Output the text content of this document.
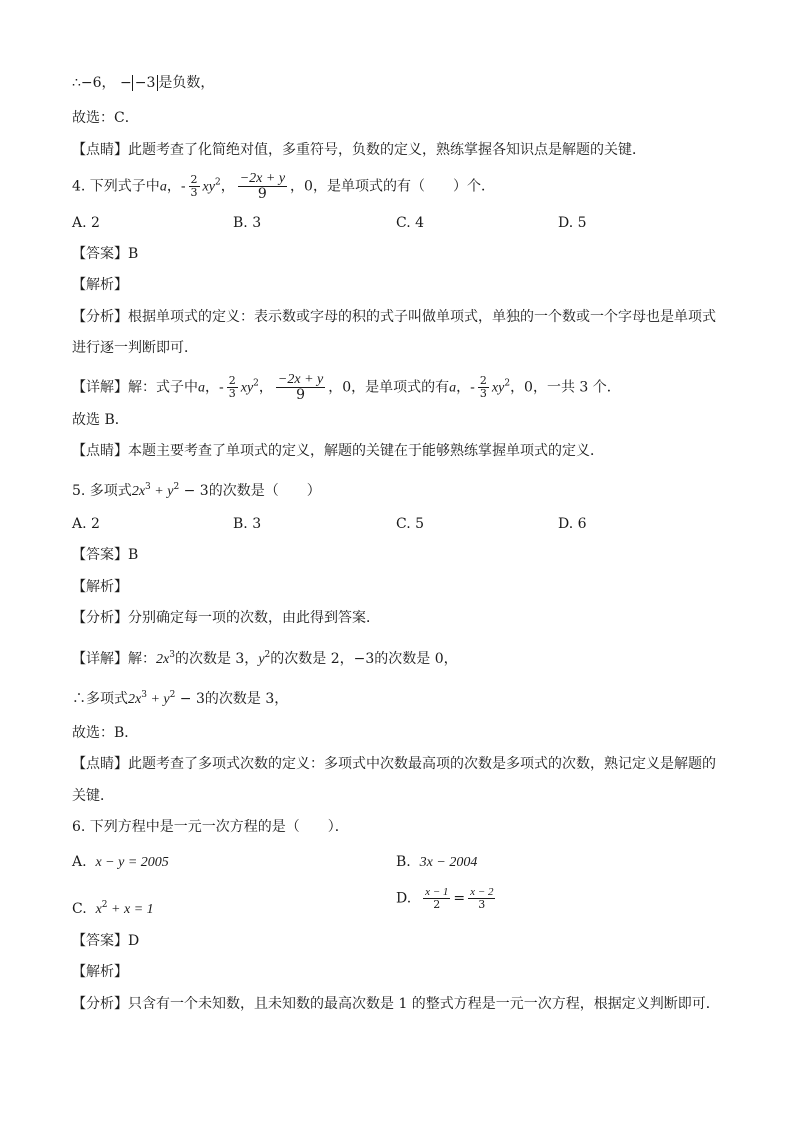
∴−6， − −3 是负数，
故选：C．
【点睛】此题考查了化简绝对值，多重符号，负数的定义，熟练掌握各知识点是解题的关键．
4. 下列式子中a，- $\frac{2}{3} xy^2$， $\frac{-2x + y}{9}$ ，0，是单项式的有（　　）个．
A. 2	B. 3	C. 4	D. 5
【答案】B
【解析】
【分析】根据单项式的定义：表示数或字母的积的式子叫做单项式，单独的一个数或一个字母也是单项式
进行逐一判断即可．
【详解】解：式子中a，- $\frac{2}{3} xy^2$， $\frac{-2x + y}{9}$ ，0，是单项式的有a，- $\frac{2}{3} xy^2$，0，一共 3 个．
故选 B．
【点睛】本题主要考查了单项式的定义，解题的关键在于能够熟练掌握单项式的定义．
5. 多项式$2x^3 + y^2 - 3$的次数是（　　）
A. 2	B. 3	C. 5	D. 6
【答案】B
【解析】
【分析】分别确定每一项的次数，由此得到答案．
【详解】解：$2x^3$的次数是 3，$y^2$的次数是 2，−3的次数是 0，
∴多项式$2x^3 + y^2 - 3$的次数是 3，
故选：B．
【点睛】此题考查了多项式次数的定义：多项式中次数最高项的次数是多项式的次数，熟记定义是解题的
关键．
6. 下列方程中是一元一次方程的是（　　）．
A. x − y = 2005	B. 3x − 2004
C. $x^2 + x = 1$
D. $\frac{x - 1}{2} = \frac{x - 2}{3}$
【答案】D
【解析】
【分析】只含有一个未知数，且未知数的最高次数是 1 的整式方程是一元一次方程，根据定义判断即可．
